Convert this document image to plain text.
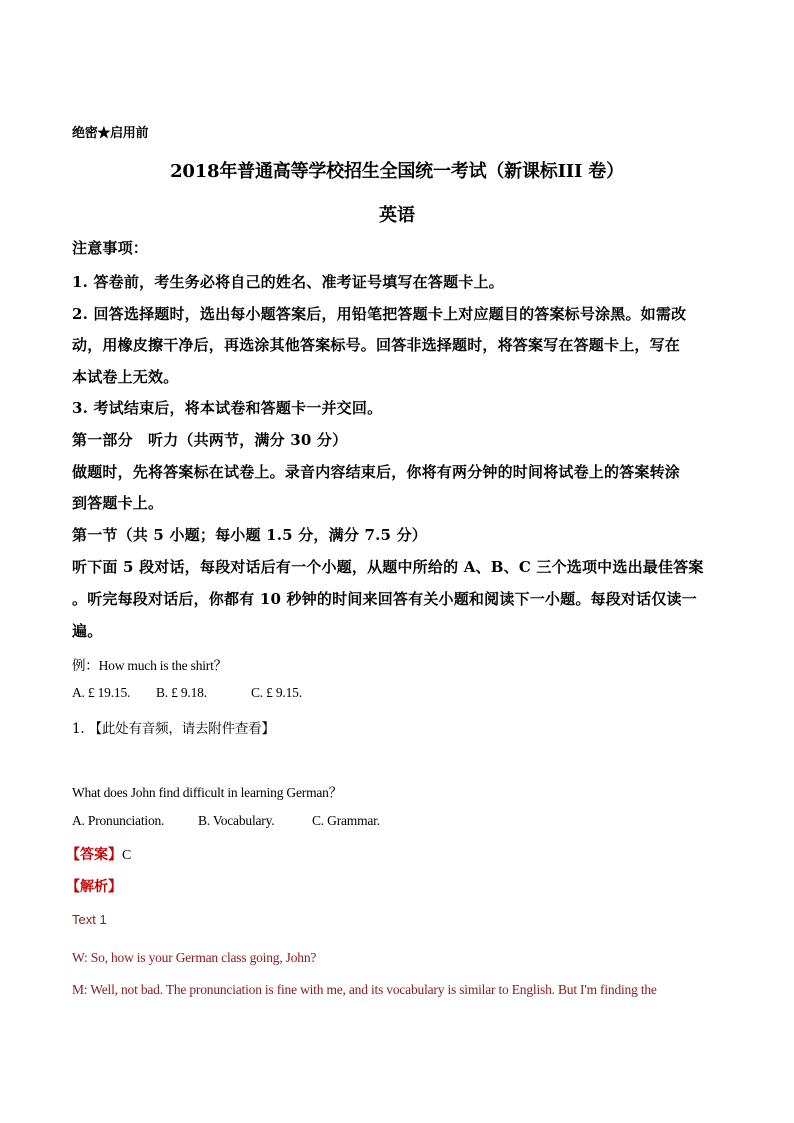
绝密★启用前
2018年普通高等学校招生全国统一考试（新课标III 卷）
英语
注意事项：
1. 答卷前，考生务必将自己的姓名、准考证号填写在答题卡上。
2. 回答选择题时，选出每小题答案后，用铅笔把答题卡上对应题目的答案标号涂黑。如需改
动，用橡皮擦干净后，再选涂其他答案标号。回答非选择题时，将答案写在答题卡上，写在
本试卷上无效。
3. 考试结束后，将本试卷和答题卡一并交回。
第一部分　听力（共两节，满分 30 分）
做题时，先将答案标在试卷上。录音内容结束后，你将有两分钟的时间将试卷上的答案转涂
到答题卡上。
第一节（共 5 小题；每小题 1.5 分，满分 7.5 分）
听下面 5 段对话，每段对话后有一个小题，从题中所给的 A、B、C 三个选项中选出最佳答案
。听完每段对话后，你都有 10 秒钟的时间来回答有关小题和阅读下一小题。每段对话仅读一
遍。
例：How much is the shirt？
A. £ 19.15. B. £ 9.18.	C. £ 9.15.
1. 【此处有音频，请去附件查看】
What does John find difficult in learning German？
A. Pronunciation.	B. Vocabulary.	C. Grammar.
【答案】C
【解析】
Text 1
W: So, how is your German class going, John?
M: Well, not bad. The pronunciation is fine with me, and its vocabulary is similar to English. But I'm finding the
